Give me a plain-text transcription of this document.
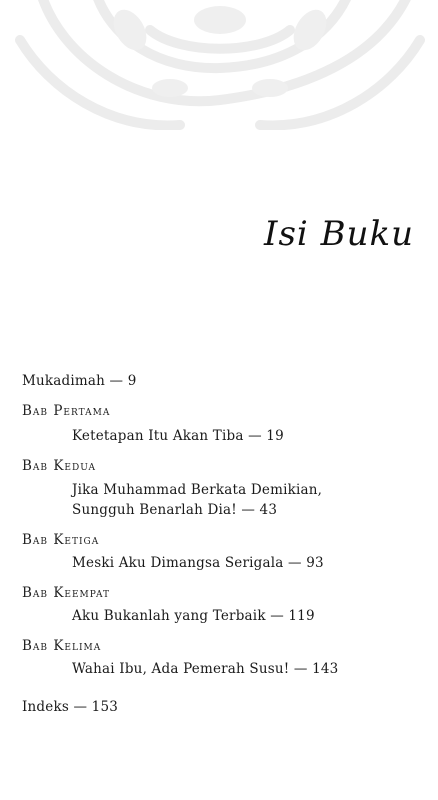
Isi Buku
Mukadimah — 9
Bab Pertama
Ketetapan Itu Akan Tiba — 19
Bab Kedua
Jika Muhammad Berkata Demikian,
Sungguh Benarlah Dia! — 43
Bab Ketiga
Meski Aku Dimangsa Serigala — 93
Bab Keempat
Aku Bukanlah yang Terbaik — 119
Bab Kelima
Wahai Ibu, Ada Pemerah Susu! — 143
Indeks — 153
